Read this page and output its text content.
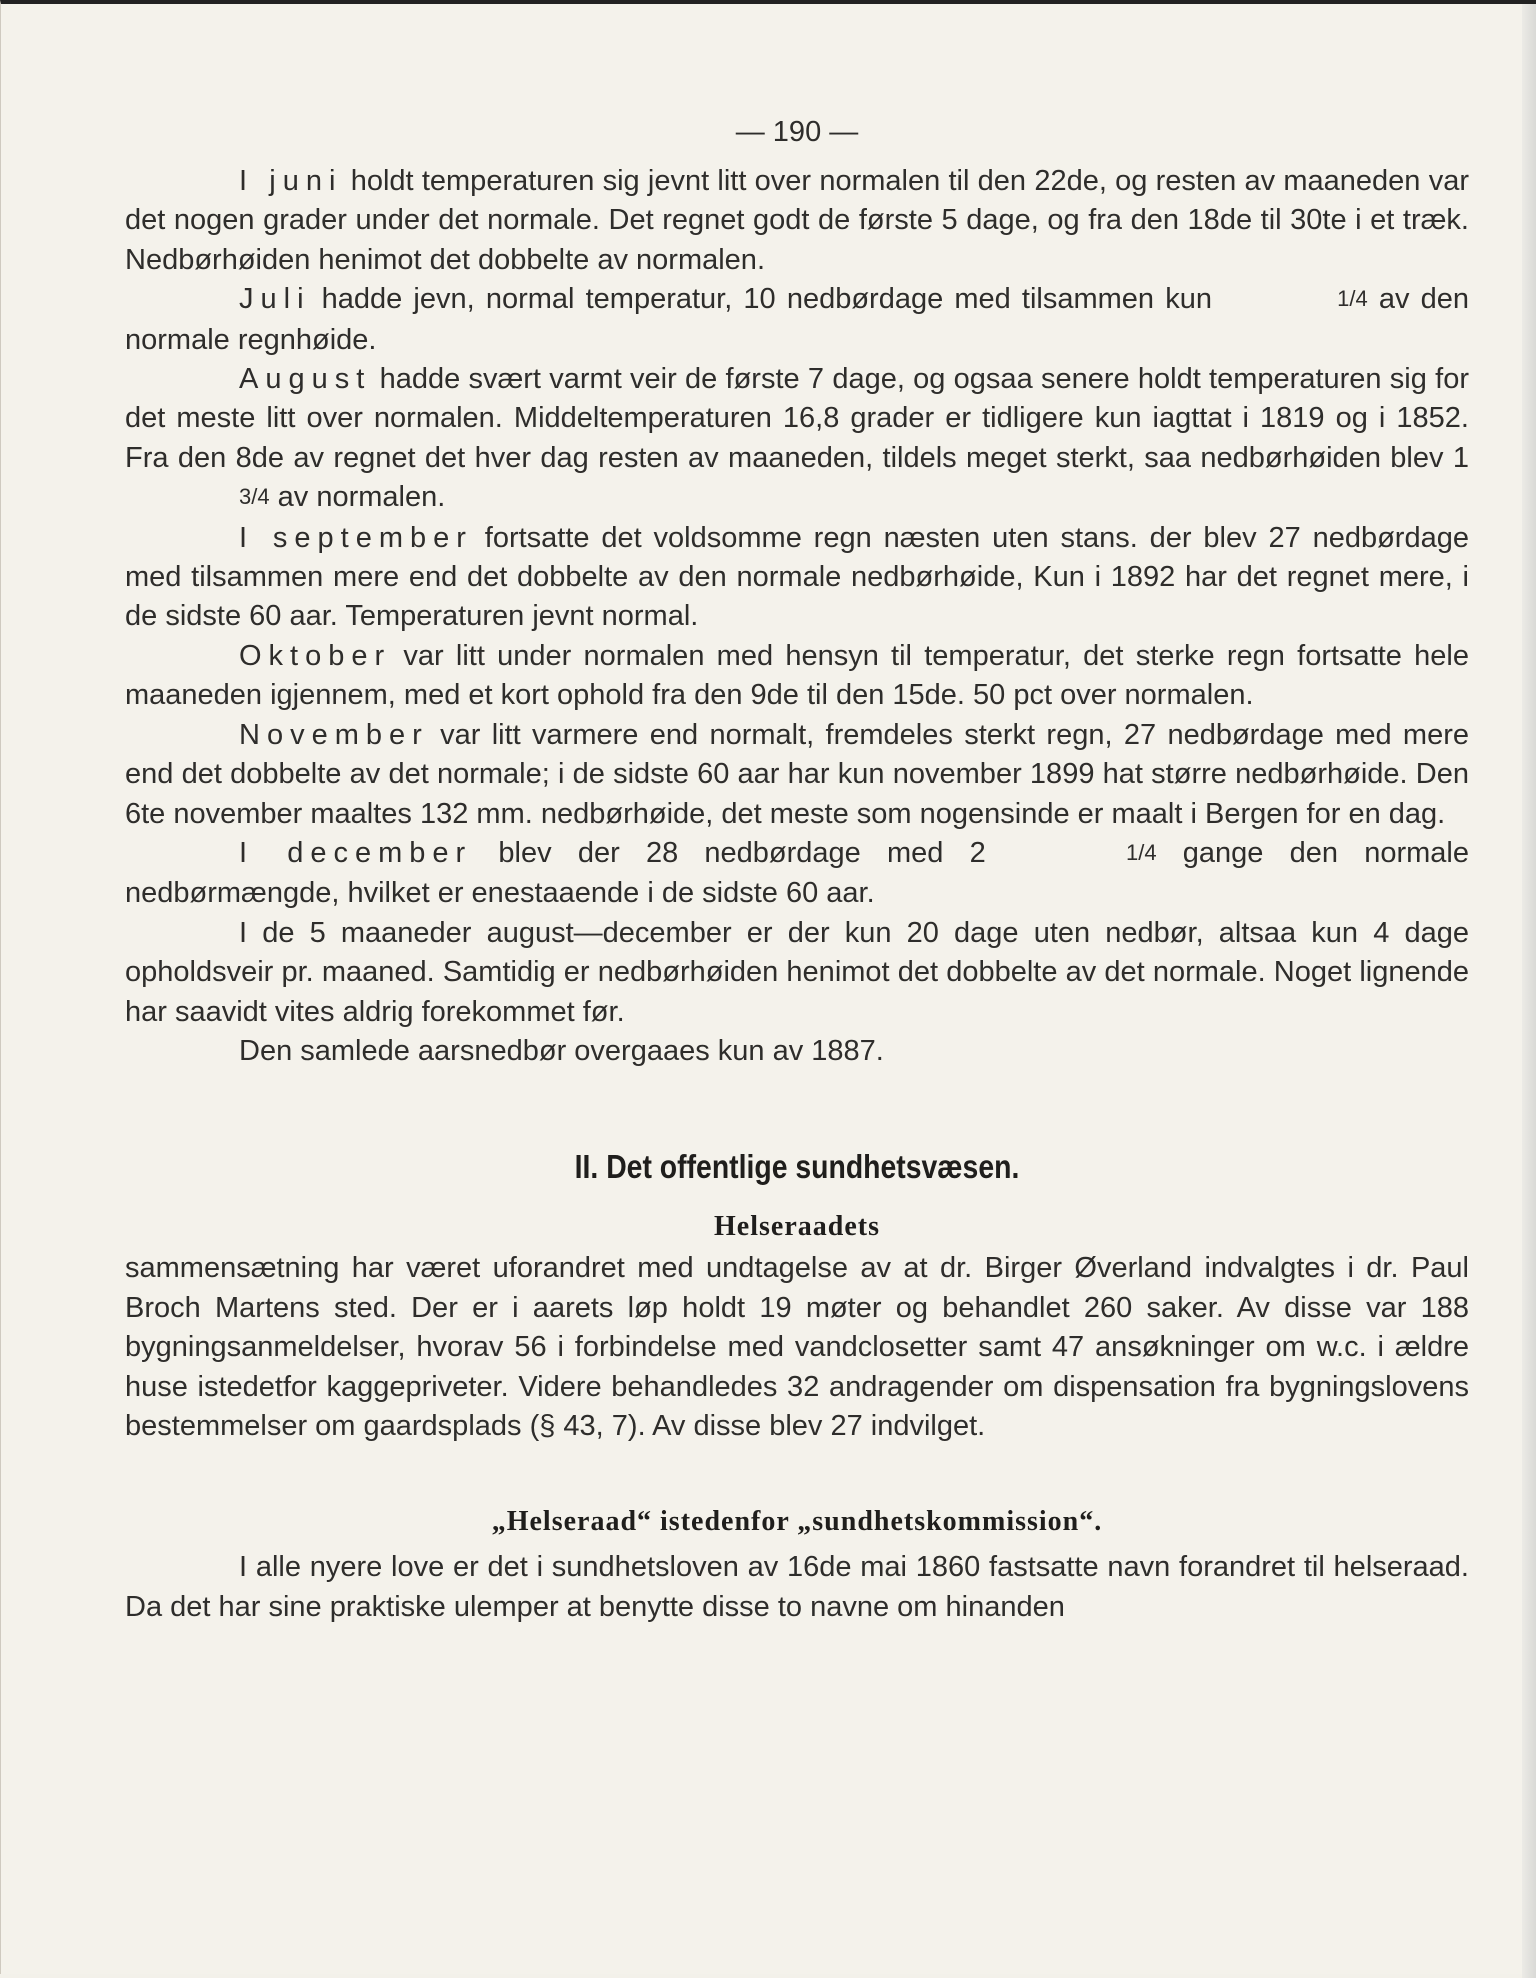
— 190 —

I juni holdt temperaturen sig jevnt litt over normalen til den 22de, og resten av maaneden var det nogen grader under det normale. Det regnet godt de første 5 dage, og fra den 18de til 30te i et træk. Nedbørhøiden henimot det dobbelte av normalen.

Juli hadde jevn, normal temperatur, 10 nedbørdage med tilsammen kun	1/4 av den normale regnhøide.

August hadde svært varmt veir de første 7 dage, og ogsaa senere holdt temperaturen sig for det meste litt over normalen. Middeltemperaturen 16,8 grader er tidligere kun iagttat i 1819 og i 1852. Fra den 8de av regnet det hver dag resten av maaneden, tildels meget sterkt, saa nedbørhøiden blev 1 3/4 av normalen.

I september fortsatte det voldsomme regn næsten uten stans. der blev 27 nedbørdage med tilsammen mere end det dobbelte av den normale nedbørhøide, Kun i 1892 har det regnet mere, i de sidste 60 aar. Temperaturen jevnt normal.

Oktober var litt under normalen med hensyn til temperatur, det sterke regn fortsatte hele maaneden igjennem, med et kort ophold fra den 9de til den 15de. 50 pct over normalen.

November var litt varmere end normalt, fremdeles sterkt regn, 27 nedbørdage med mere end det dobbelte av det normale; i de sidste 60 aar har kun november 1899 hat større nedbørhøide. Den 6te november maaltes 132 mm. nedbørhøide, det meste som nogensinde er maalt i Bergen for en dag.

I december blev der 28 nedbørdage med 2	1/4 gange den normale nedbørmængde, hvilket er enestaaende i de sidste 60 aar.

I de 5 maaneder august—december er der kun 20 dage uten nedbør, altsaa kun 4 dage opholdsveir pr. maaned. Samtidig er nedbørhøiden henimot det dobbelte av det normale. Noget lignende har saavidt vites aldrig forekommet før.

Den samlede aarsnedbør overgaaes kun av 1887.

II. Det offentlige sundhetsvæsen.
Helseraadets

sammensætning har været uforandret med undtagelse av at dr. Birger Øverland indvalgtes i dr. Paul Broch Martens sted. Der er i aarets løp holdt 19 møter og behandlet 260 saker. Av disse var 188 bygningsanmeldelser, hvorav 56 i forbindelse med vandclosetter samt 47 ansøkninger om w.c. i ældre huse istedetfor kaggepriveter. Videre behandledes 32 andragender om dispensation fra bygningslovens bestemmelser om gaardsplads (§ 43, 7). Av disse blev 27 indvilget.

„Helseraad“ istedenfor „sundhetskommission“.

I alle nyere love er det i sundhetsloven av 16de mai 1860 fastsatte navn forandret til helseraad. Da det har sine praktiske ulemper at benytte disse to navne om hinanden
